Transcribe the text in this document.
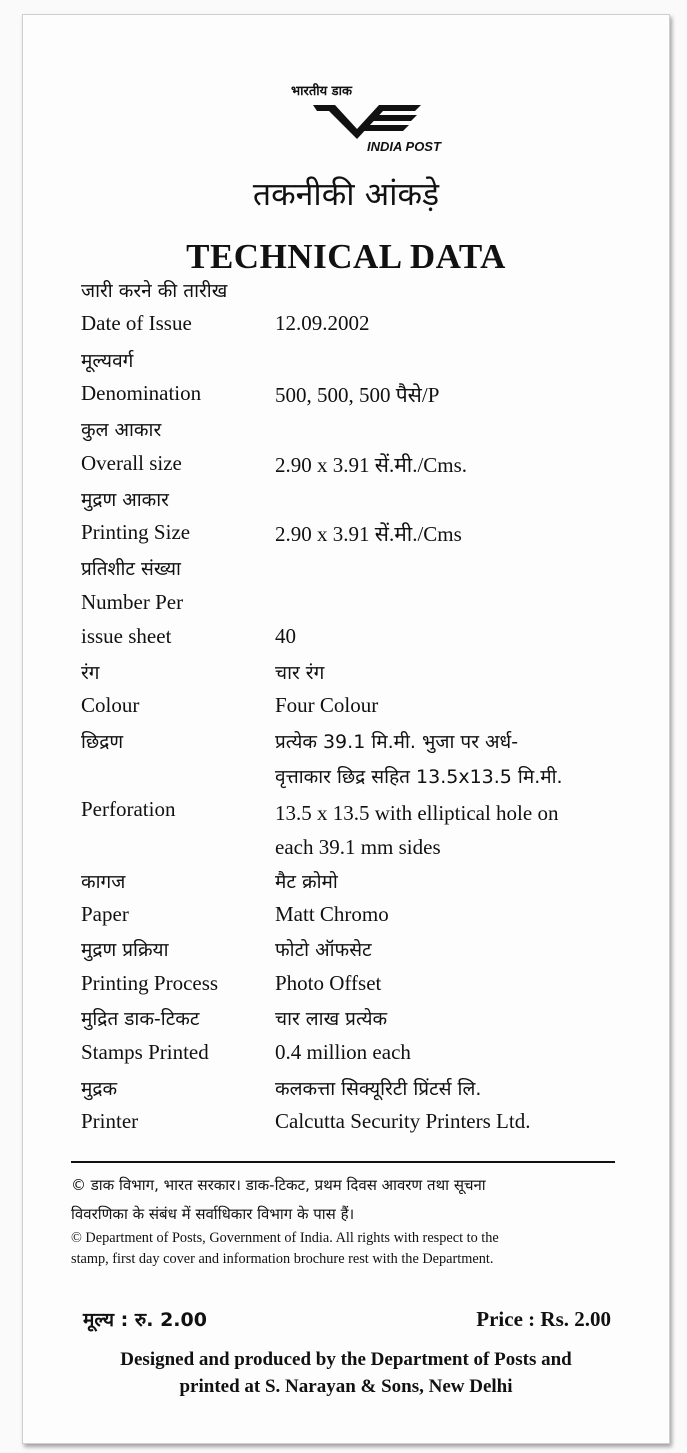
भारतीय डाक
INDIA POST
तकनीकी आंकड़े
TECHNICAL DATA
जारी करने की तारीख
Date of Issue	12.09.2002
मूल्यवर्ग
Denomination	500, 500, 500 पैसे/P
कुल आकार
Overall size	2.90 x 3.91 सें.मी./Cms.
मुद्रण आकार
Printing Size	2.90 x 3.91 सें.मी./Cms
प्रतिशीट संख्या
Number Per
issue sheet	40
रंग	चार रंग
Colour	Four Colour
छिद्रण	प्रत्येक 39.1 मि.मी. भुजा पर अर्ध-
वृत्ताकार छिद्र सहित 13.5x13.5 मि.मी.
Perforation	13.5 x 13.5 with elliptical hole on
each 39.1 mm sides
कागज	मैट क्रोमो
Paper	Matt Chromo
मुद्रण प्रक्रिया	फोटो ऑफसेट
Printing Process	Photo Offset
मुद्रित डाक-टिकट	चार लाख प्रत्येक
Stamps Printed	0.4 million each
मुद्रक	कलकत्ता सिक्यूरिटी प्रिंटर्स लि.
Printer	Calcutta Security Printers Ltd.
© डाक विभाग, भारत सरकार। डाक-टिकट, प्रथम दिवस आवरण तथा सूचना
विवरणिका के संबंध में सर्वाधिकार विभाग के पास हैं।
© Department of Posts, Government of India. All rights with respect to the
stamp, first day cover and information brochure rest with the Department.
मूल्य : रु. 2.00	Price : Rs. 2.00
Designed and produced by the Department of Posts and
printed at S. Narayan & Sons, New Delhi
